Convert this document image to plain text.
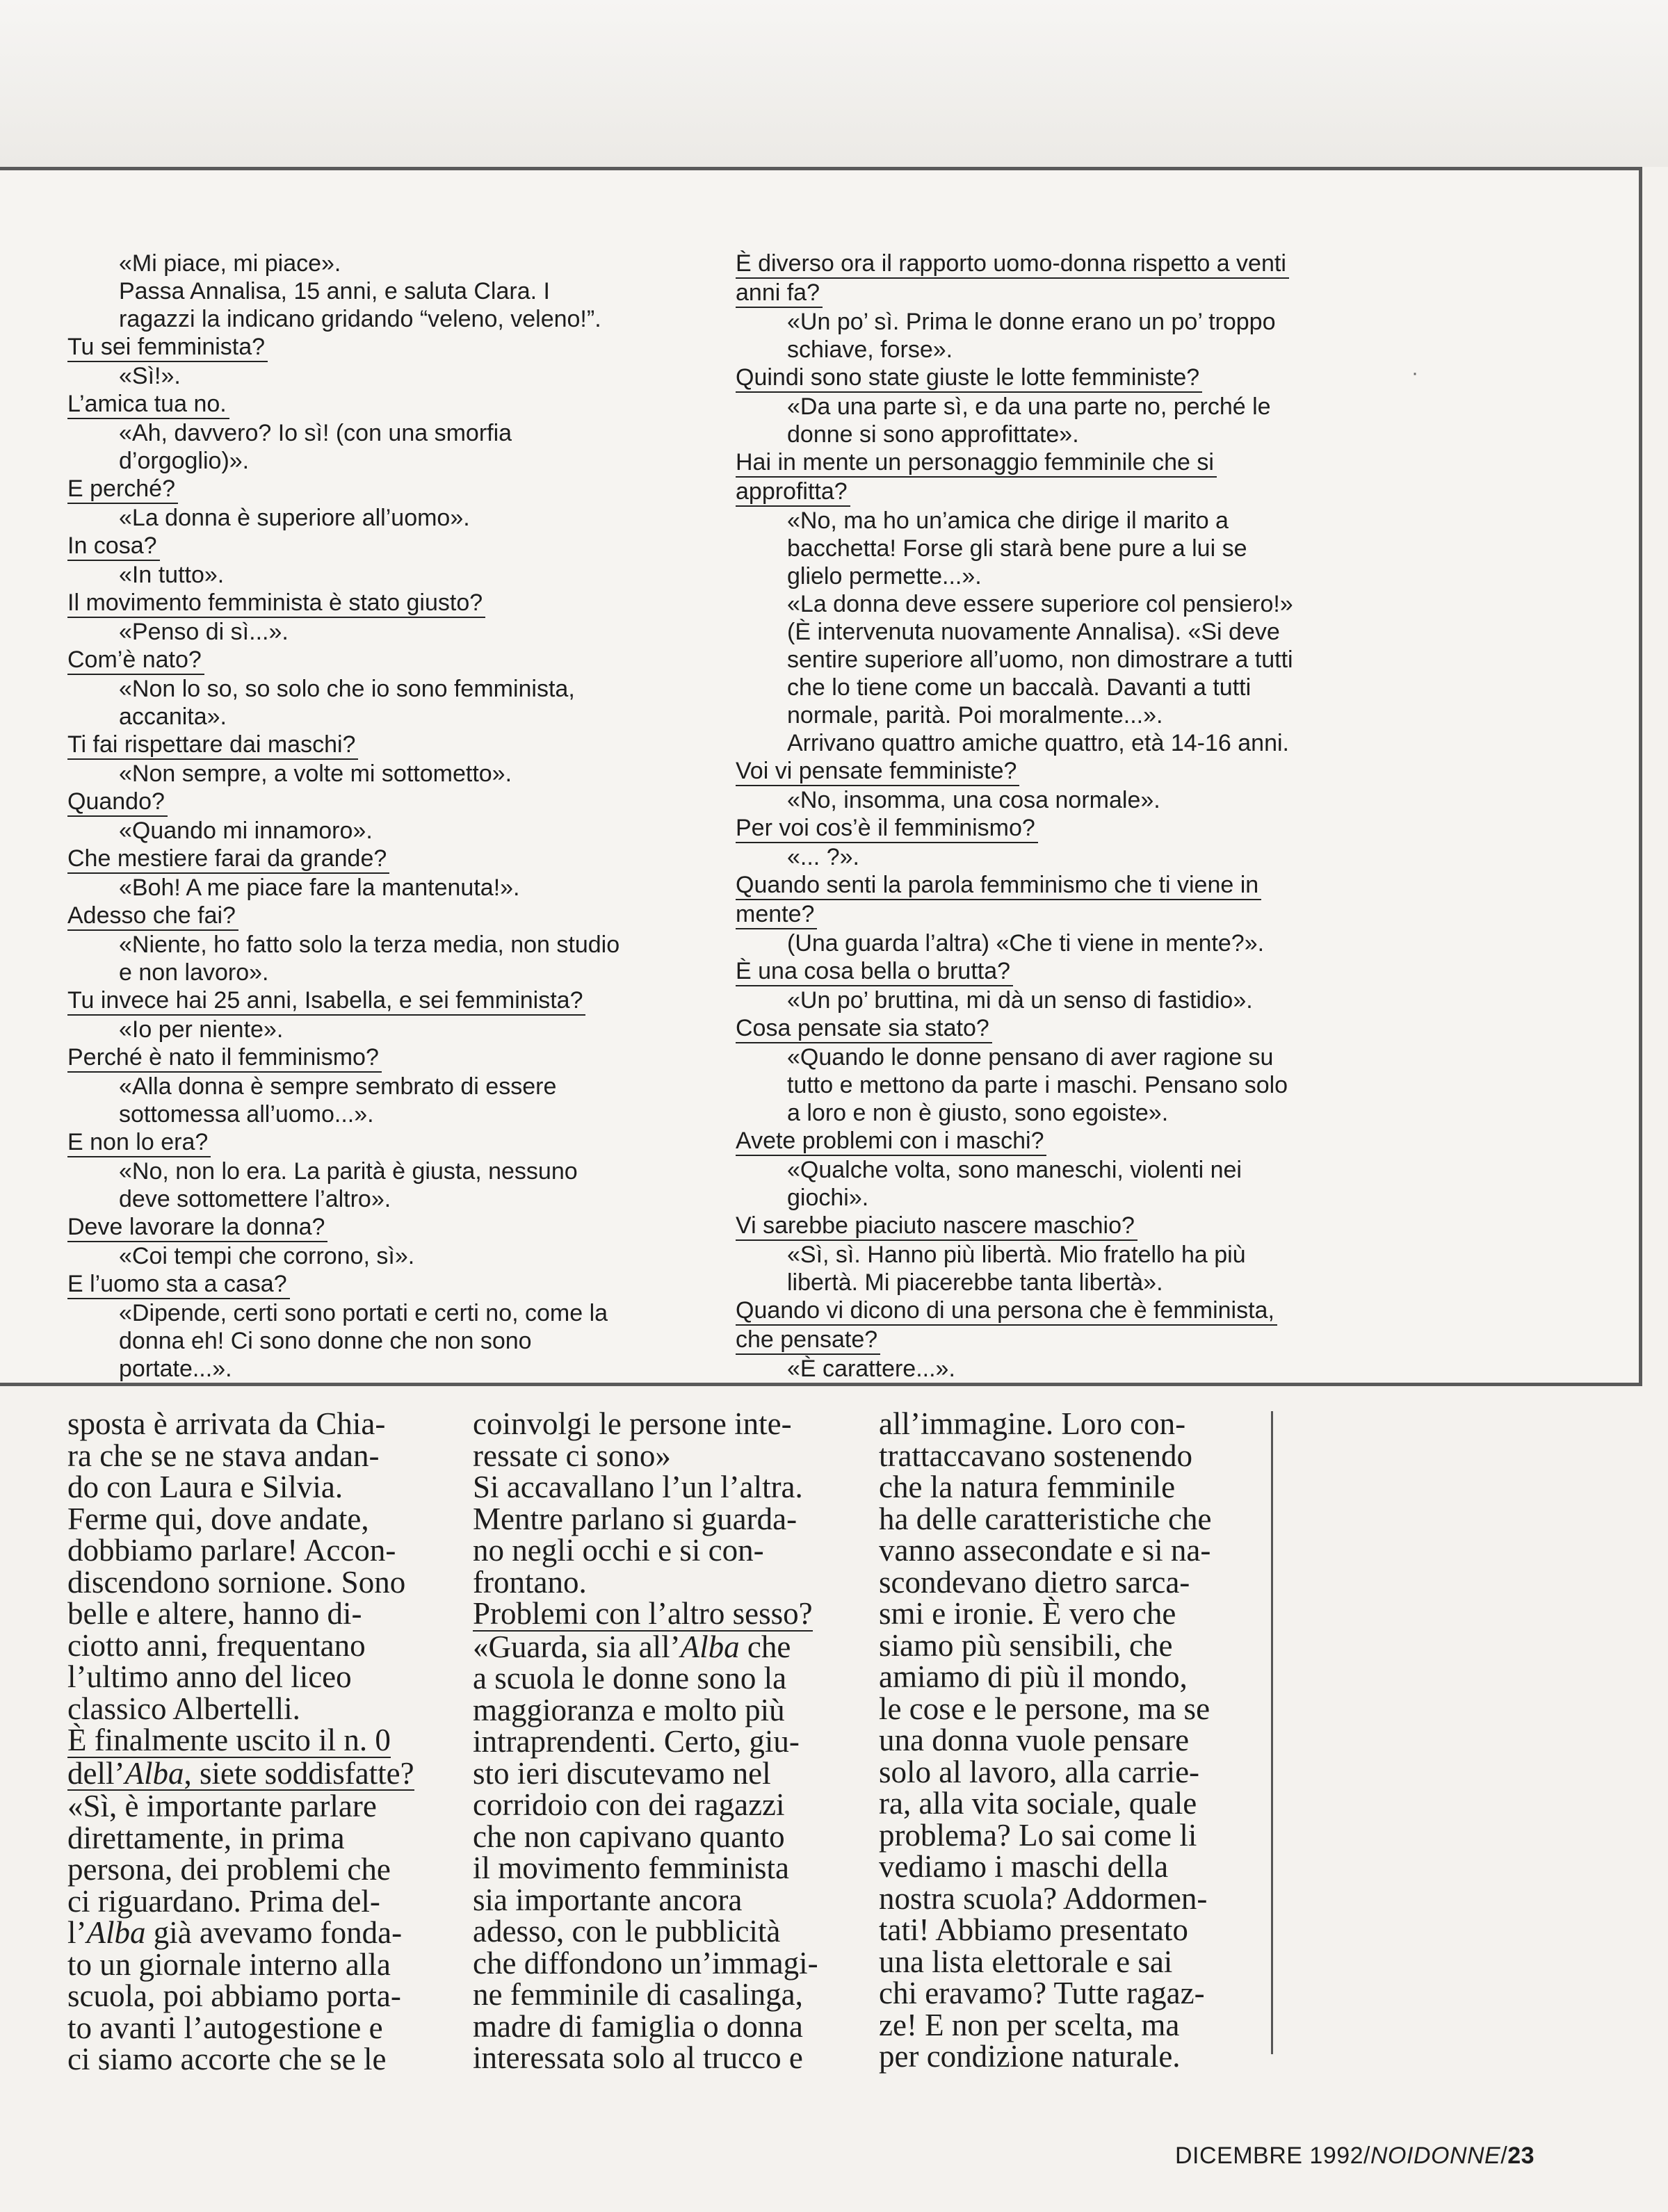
«Mi piace, mi piace».
Passa Annalisa, 15 anni, e saluta Clara. I
ragazzi la indicano gridando “veleno, veleno!”.
Tu sei femminista?
«Sì!».
L’amica tua no.
«Ah, davvero? Io sì! (con una smorfia
d’orgoglio)».
E perché?
«La donna è superiore all’uomo».
In cosa?
«In tutto».
Il movimento femminista è stato giusto?
«Penso di sì...».
Com’è nato?
«Non lo so, so solo che io sono femminista,
accanita».
Ti fai rispettare dai maschi?
«Non sempre, a volte mi sottometto».
Quando?
«Quando mi innamoro».
Che mestiere farai da grande?
«Boh! A me piace fare la mantenuta!».
Adesso che fai?
«Niente, ho fatto solo la terza media, non studio
e non lavoro».
Tu invece hai 25 anni, Isabella, e sei femminista?
«Io per niente».
Perché è nato il femminismo?
«Alla donna è sempre sembrato di essere
sottomessa all’uomo...».
E non lo era?
«No, non lo era. La parità è giusta, nessuno
deve sottomettere l’altro».
Deve lavorare la donna?
«Coi tempi che corrono, sì».
E l’uomo sta a casa?
«Dipende, certi sono portati e certi no, come la
donna eh! Ci sono donne che non sono
portate...».
È diverso ora il rapporto uomo-donna rispetto a venti
anni fa?
«Un po’ sì. Prima le donne erano un po’ troppo
schiave, forse».
Quindi sono state giuste le lotte femministe?
«Da una parte sì, e da una parte no, perché le
donne si sono approfittate».
Hai in mente un personaggio femminile che si
approfitta?
«No, ma ho un’amica che dirige il marito a
bacchetta! Forse gli starà bene pure a lui se
glielo permette...».
«La donna deve essere superiore col pensiero!»
(È intervenuta nuovamente Annalisa). «Si deve
sentire superiore all’uomo, non dimostrare a tutti
che lo tiene come un baccalà. Davanti a tutti
normale, parità. Poi moralmente...».
Arrivano quattro amiche quattro, età 14-16 anni.
Voi vi pensate femministe?
«No, insomma, una cosa normale».
Per voi cos’è il femminismo?
«... ?».
Quando senti la parola femminismo che ti viene in
mente?
(Una guarda l’altra) «Che ti viene in mente?».
È una cosa bella o brutta?
«Un po’ bruttina, mi dà un senso di fastidio».
Cosa pensate sia stato?
«Quando le donne pensano di aver ragione su
tutto e mettono da parte i maschi. Pensano solo
a loro e non è giusto, sono egoiste».
Avete problemi con i maschi?
«Qualche volta, sono maneschi, violenti nei
giochi».
Vi sarebbe piaciuto nascere maschio?
«Sì, sì. Hanno più libertà. Mio fratello ha più
libertà. Mi piacerebbe tanta libertà».
Quando vi dicono di una persona che è femminista,
che pensate?
«È carattere...».
·
sposta è arrivata da Chia-
ra che se ne stava andan-
do con Laura e Silvia.
Ferme qui, dove andate,
dobbiamo parlare! Accon-
discendono sornione. Sono
belle e altere, hanno di-
ciotto anni, frequentano
l’ultimo anno del liceo
classico Albertelli.
È finalmente uscito il n. 0
dell’Alba, siete soddisfatte?
«Sì, è importante parlare
direttamente, in prima
persona, dei problemi che
ci riguardano. Prima del-
l’Alba già avevamo fonda-
to un giornale interno alla
scuola, poi abbiamo porta-
to avanti l’autogestione e
ci siamo accorte che se le
coinvolgi le persone inte-
ressate ci sono»
Si accavallano l’un l’altra.
Mentre parlano si guarda-
no negli occhi e si con-
frontano.
Problemi con l’altro sesso?
«Guarda, sia all’Alba che
a scuola le donne sono la
maggioranza e molto più
intraprendenti. Certo, giu-
sto ieri discutevamo nel
corridoio con dei ragazzi
che non capivano quanto
il movimento femminista
sia importante ancora
adesso, con le pubblicità
che diffondono un’immagi-
ne femminile di casalinga,
madre di famiglia o donna
interessata solo al trucco e
all’immagine. Loro con-
trattaccavano sostenendo
che la natura femminile
ha delle caratteristiche che
vanno assecondate e si na-
scondevano dietro sarca-
smi e ironie. È vero che
siamo più sensibili, che
amiamo di più il mondo,
le cose e le persone, ma se
una donna vuole pensare
solo al lavoro, alla carrie-
ra, alla vita sociale, quale
problema? Lo sai come li
vediamo i maschi della
nostra scuola? Addormen-
tati! Abbiamo presentato
una lista elettorale e sai
chi eravamo? Tutte ragaz-
ze! E non per scelta, ma
per condizione naturale.
DICEMBRE 1992/NOIDONNE/23
